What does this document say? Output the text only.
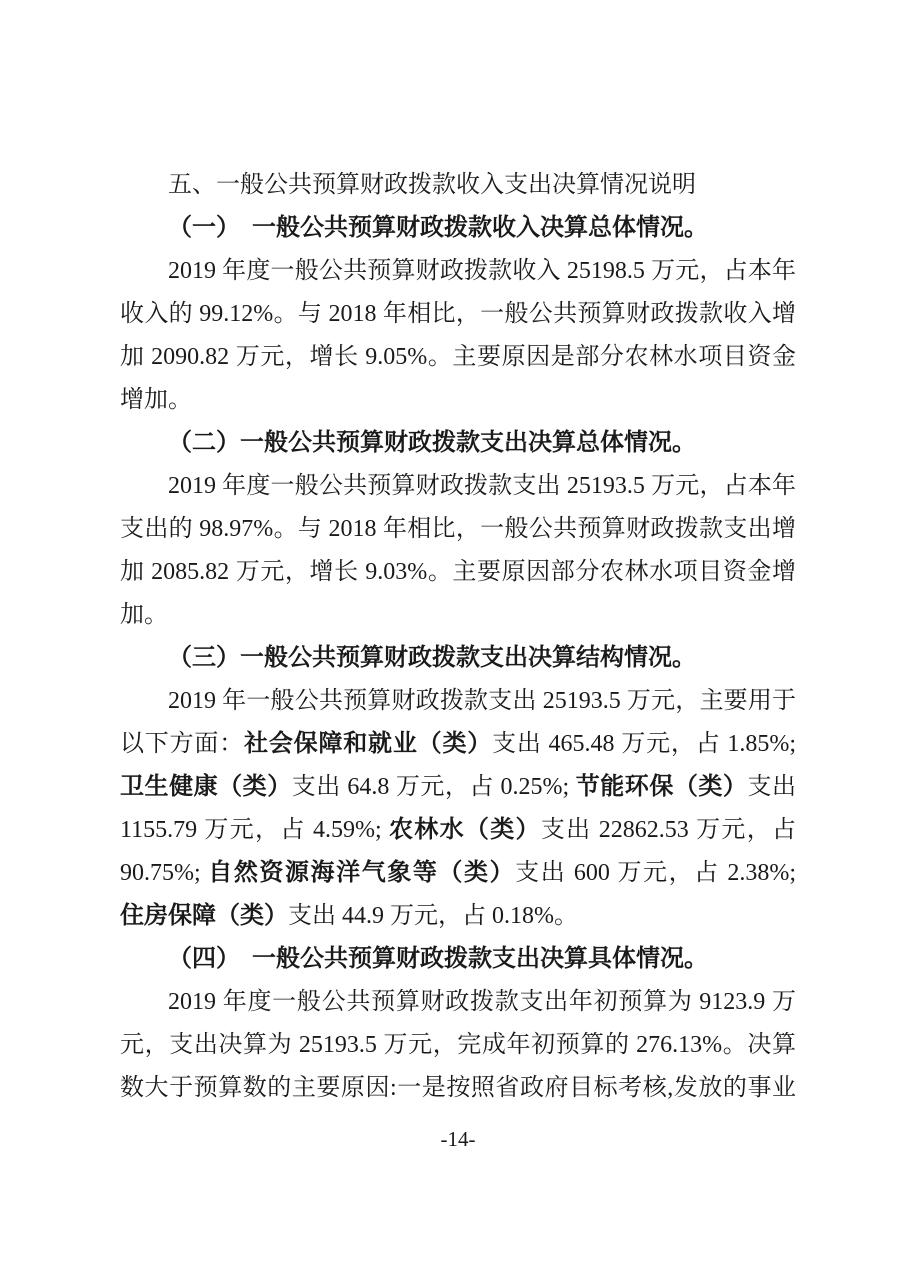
五、一般公共预算财政拨款收入支出决算情况说明
（一）　一般公共预算财政拨款收入决算总体情况。
2019 年度一般公共预算财政拨款收入 25198.5 万元，占本年
收入的 99.12%。与 2018 年相比，一般公共预算财政拨款收入增
加 2090.82 万元，增长 9.05%。主要原因是部分农林水项目资金
增加。
（二）一般公共预算财政拨款支出决算总体情况。
2019 年度一般公共预算财政拨款支出 25193.5 万元，占本年
支出的 98.97%。与 2018 年相比，一般公共预算财政拨款支出增
加 2085.82 万元，增长 9.03%。主要原因部分农林水项目资金增
加。
（三）一般公共预算财政拨款支出决算结构情况。
2019 年一般公共预算财政拨款支出 25193.5 万元，主要用于
以下方面：社会保障和就业（类）支出 465.48 万元，占 1.85%;
卫生健康（类）支出 64.8 万元，占 0.25%; 节能环保（类）支出
1155.79 万元，占 4.59%; 农林水（类）支出 22862.53 万元，占
90.75%; 自然资源海洋气象等（类）支出 600 万元，占 2.38%;
住房保障（类）支出 44.9 万元，占 0.18%。
（四）　一般公共预算财政拨款支出决算具体情况。
2019 年度一般公共预算财政拨款支出年初预算为 9123.9 万
元，支出决算为 25193.5 万元，完成年初预算的 276.13%。决算
数大于预算数的主要原因:一是按照省政府目标考核,发放的事业
-14-
